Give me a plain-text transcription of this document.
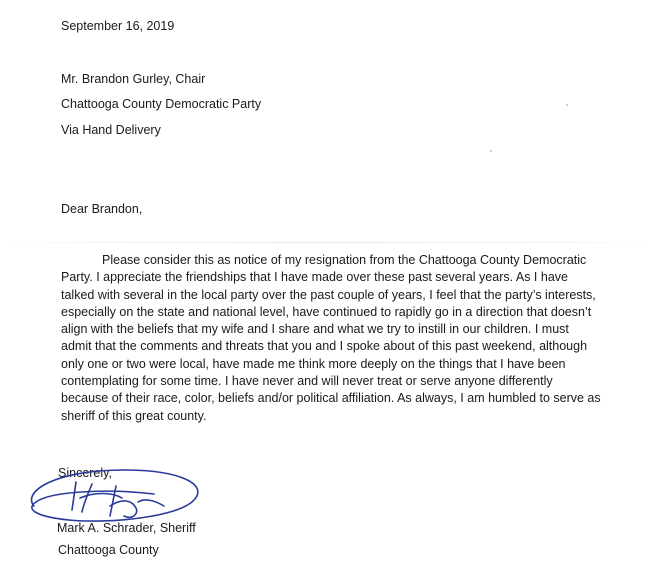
September 16, 2019
Mr. Brandon Gurley, Chair
Chattooga County Democratic Party
Via Hand Delivery
Dear Brandon,
Please consider this as notice of my resignation from the Chattooga County Democratic Party. I appreciate the friendships that I have made over these past several years. As I have talked with several in the local party over the past couple of years, I feel that the party’s interests, especially on the state and national level, have continued to rapidly go in a direction that doesn’t align with the beliefs that my wife and I share and what we try to instill in our children. I must admit that the comments and threats that you and I spoke about of this past weekend, although only one or two were local, have made me think more deeply on the things that I have been contemplating for some time. I have never and will never treat or serve anyone differently because of their race, color, beliefs and/or political affiliation. As always, I am humbled to serve as sheriff of this great county.
Sincerely,
Mark A. Schrader, Sheriff
Chattooga County
